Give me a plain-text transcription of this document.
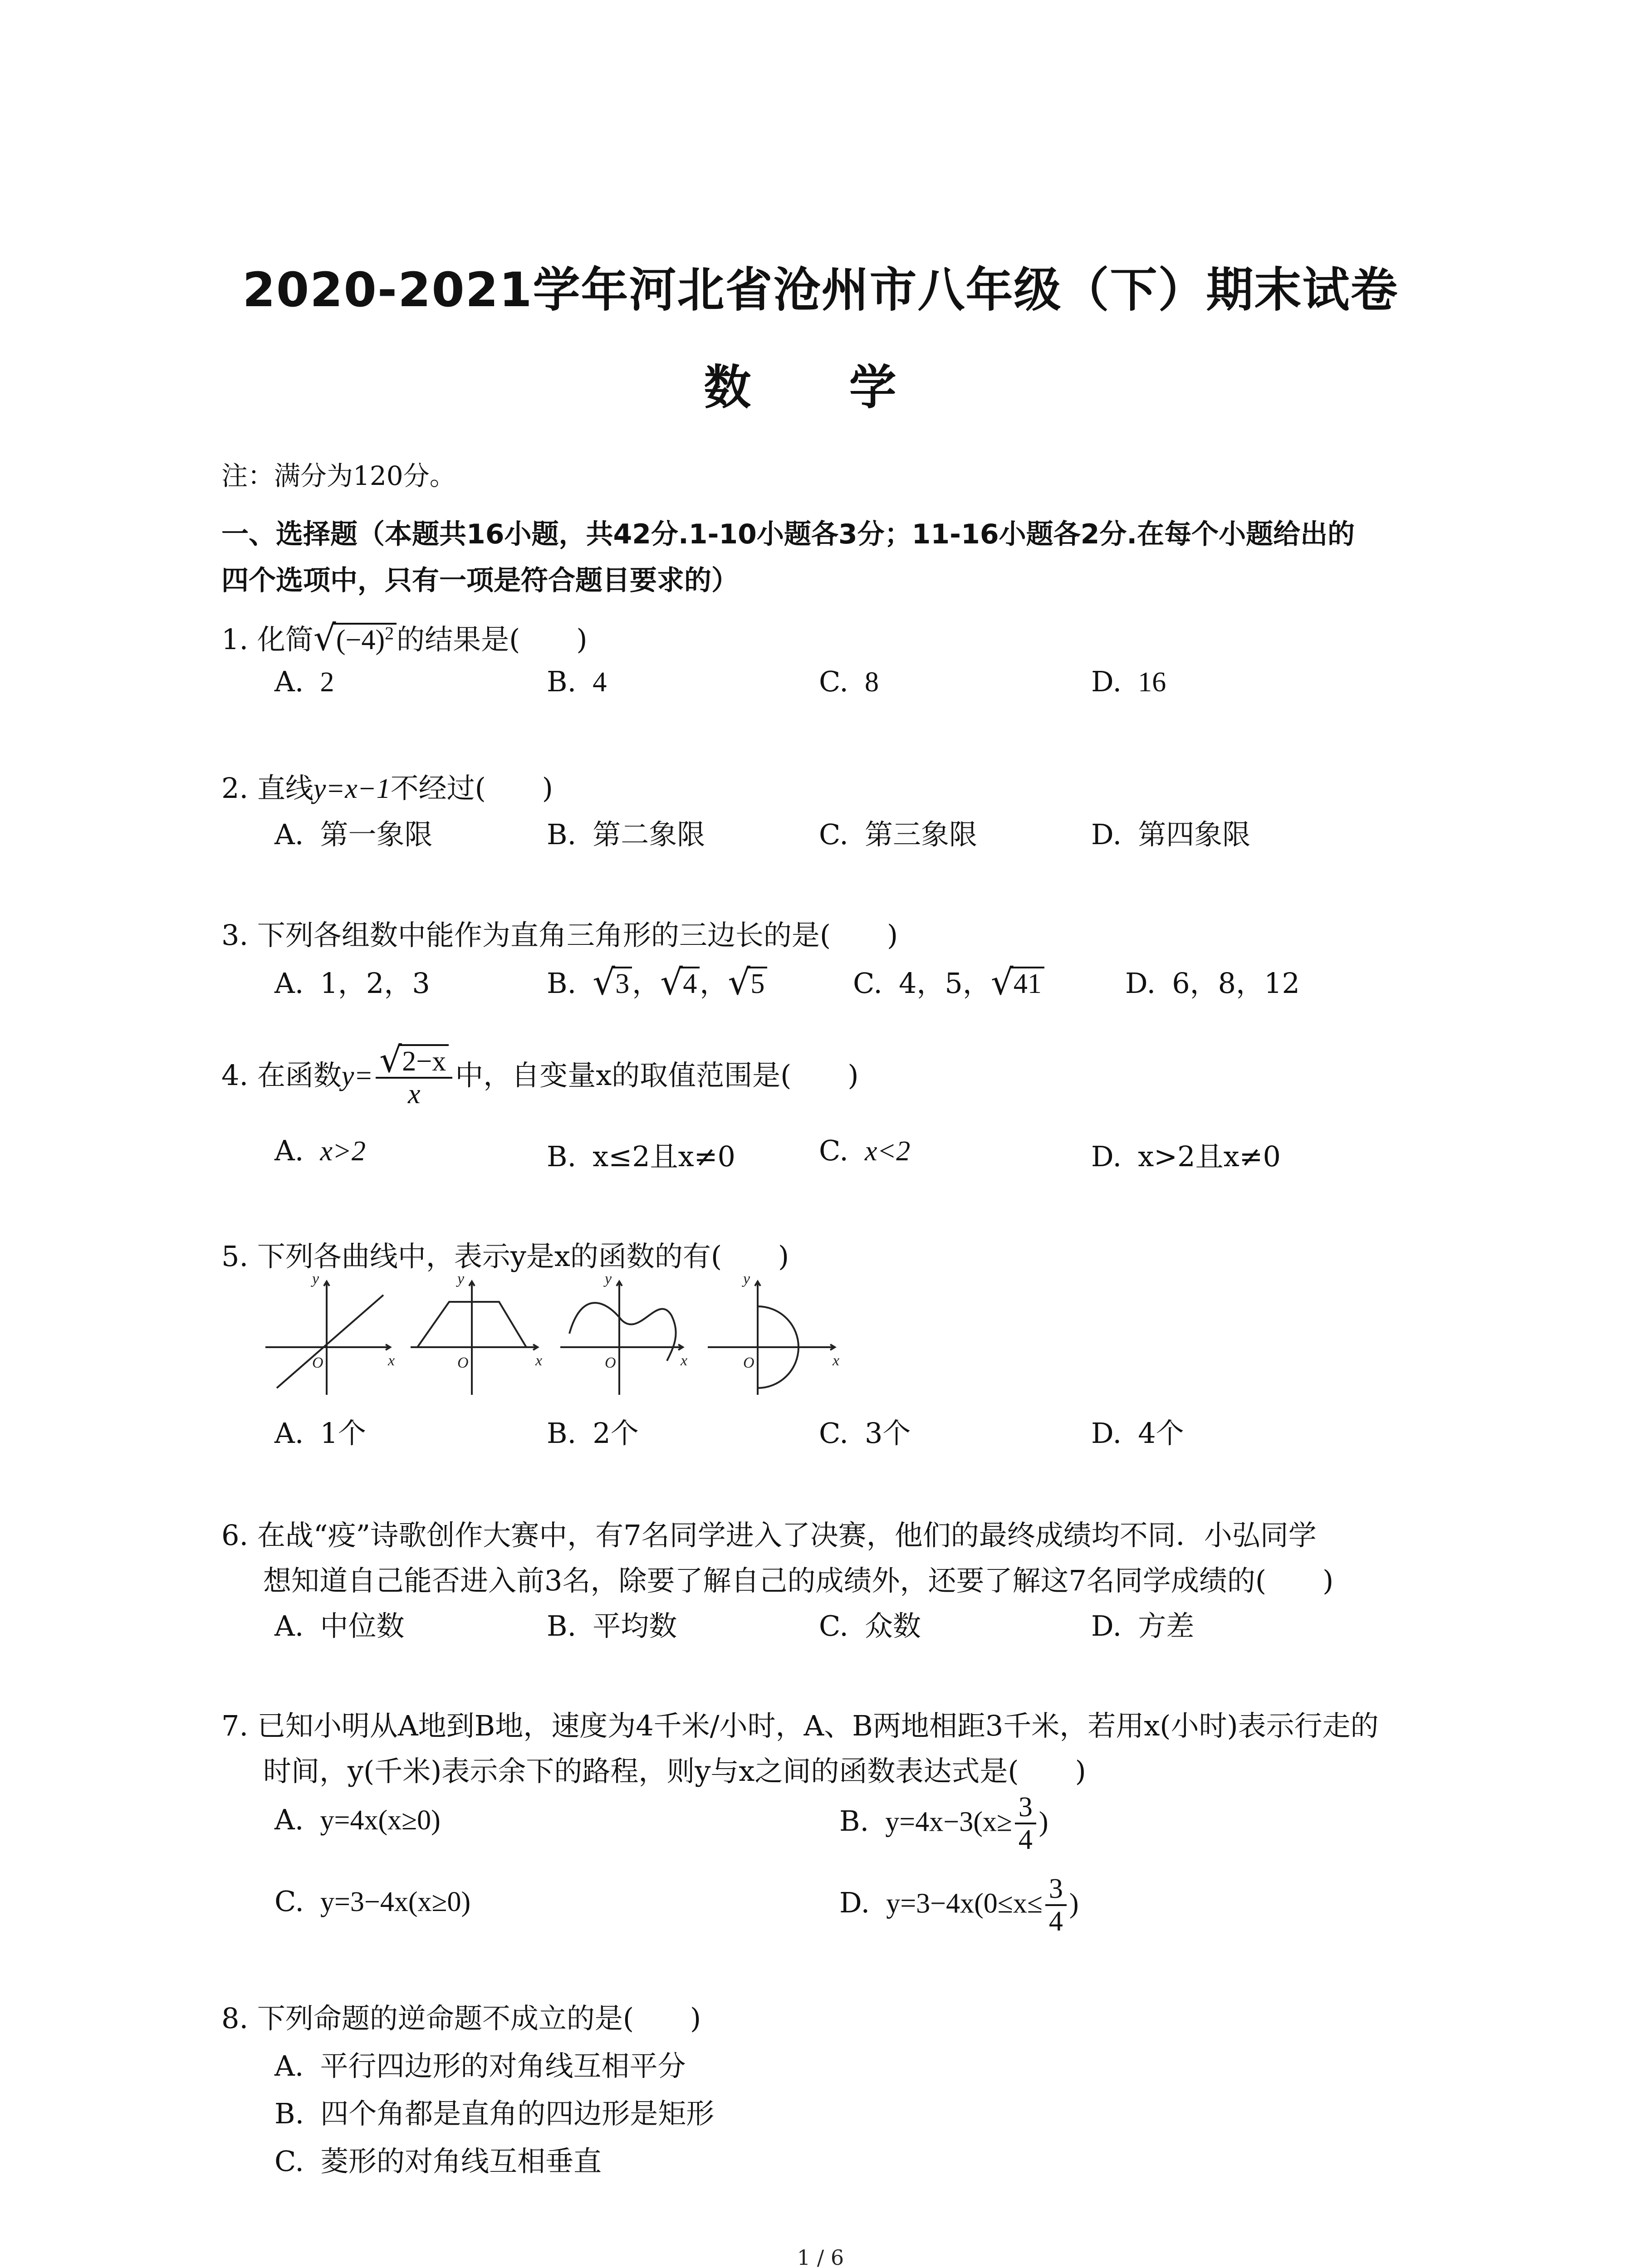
2020-2021学年河北省沧州市八年级（下）期末试卷
数 学
注：满分为120分。
一、选择题（本题共16小题，共42分.1-10小题各3分；11-16小题各2分.在每个小题给出的
四个选项中，只有一项是符合题目要求的）
1. 化简 √ $(-4)^2$的结果是(　　)
A. 2	B. 4	C. 8	D. 16
2. 直线y=x−1不经过(　　)
A. 第一象限	B. 第二象限	C. 第三象限	D. 第四象限
3. 下列各组数中能作为直角三角形的三边长的是(　　)
A. 1，2，3	B. √ 3， √ 4， √ 5	C. 4，5， √ 41	D. 6，8，12
4. 在函数$y= \frac{√ 2-x}{x}$ 中，自变量x的取值范围是(　　)
A. x>2	B. x≤2且x≠0	C. x<2	D. x>2且x≠0
5. 下列各曲线中，表示y是x的函数的有(　　)
y
x
O
y
x
O
y
x
O
y
x
O
A. 1个	B. 2个	C. 3个	D. 4个
6. 在战“疫”诗歌创作大赛中，有7名同学进入了决赛，他们的最终成绩均不同．小弘同学
想知道自己能否进入前3名，除要了解自己的成绩外，还要了解这7名同学成绩的(　　)
A. 中位数	B. 平均数	C. 众数	D. 方差
7. 已知小明从A地到B地，速度为4千米/小时，A、B两地相距3千米，若用x(小时)表示行走的
时间，y(千米)表示余下的路程，则y与x之间的函数表达式是(　　)
A. y=4x(x≥0)	B. $y=4x-3(x\ge \frac{3}{4}$ )
C. y=3−4x(x≥0)	D. $y=3-4x(0\le x\le \frac{3}{4}$ )
8. 下列命题的逆命题不成立的是(　　)
A. 平行四边形的对角线互相平分
B. 四个角都是直角的四边形是矩形
C. 菱形的对角线互相垂直
1 / 6
